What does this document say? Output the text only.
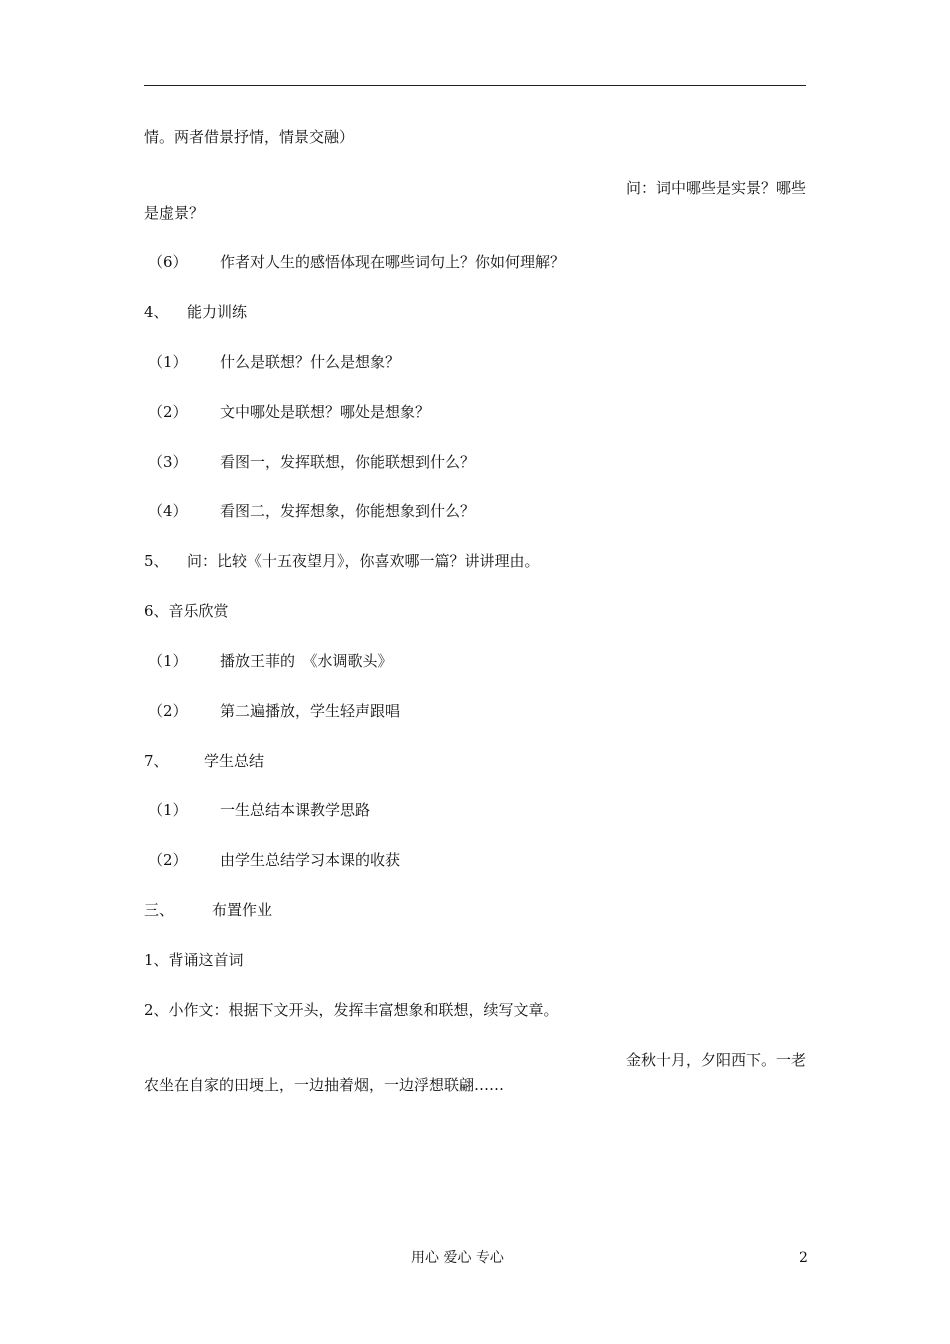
情。两者借景抒情，情景交融）
问：词中哪些是实景？哪些
是虚景？
（6） 作者对人生的感悟体现在哪些词句上？你如何理解？
4、 能力训练
（1） 什么是联想？什么是想象？
（2） 文中哪处是联想？哪处是想象？
（3） 看图一，发挥联想，你能联想到什么？
（4） 看图二，发挥想象，你能想象到什么？
5、 问：比较《十五夜望月》，你喜欢哪一篇？讲讲理由。
6、音乐欣赏
（1） 播放王菲的　《水调歌头》
（2） 第二遍播放，学生轻声跟唱
7、 学生总结
（1） 一生总结本课教学思路
（2） 由学生总结学习本课的收获
三、	布置作业
1、背诵这首词
2、小作文：根据下文开头，发挥丰富想象和联想，续写文章。
金秋十月，夕阳西下。一老
农坐在自家的田埂上，一边抽着烟，一边浮想联翩……
用心 爱心 专心	2
